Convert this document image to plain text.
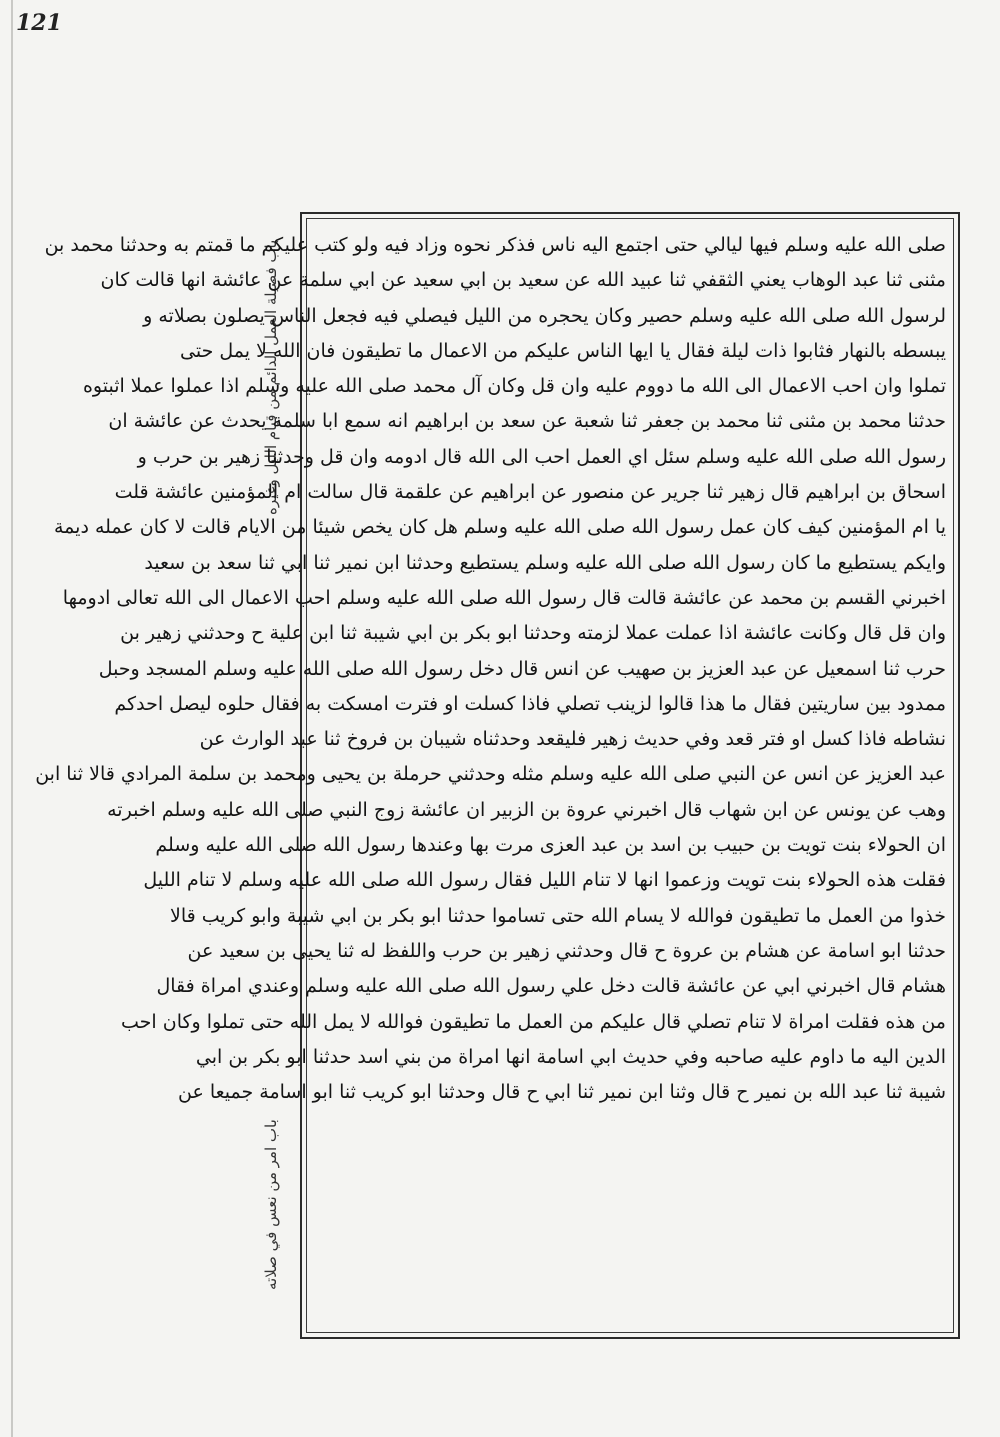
121
باب فضيلة العمل الدائم من قيام الليل وغيره
باب امر من نعس في صلاته
صلى الله عليه وسلم فيها ليالي حتى اجتمع اليه ناس فذكر نحوه وزاد فيه ولو كتب عليكم ما قمتم به وحدثنا محمد بن
مثنى ثنا عبد الوهاب يعني الثقفي ثنا عبيد الله عن سعيد بن ابي سعيد عن ابي سلمة عن عائشة انها قالت كان
لرسول الله صلى الله عليه وسلم حصير وكان يحجره من الليل فيصلي فيه فجعل الناس يصلون بصلاته و
يبسطه بالنهار فثابوا ذات ليلة فقال يا ايها الناس عليكم من الاعمال ما تطيقون فان الله لا يمل حتى
تملوا وان احب الاعمال الى الله ما دووم عليه وان قل وكان آل محمد صلى الله عليه وسلم اذا عملوا عملا اثبتوه
حدثنا محمد بن مثنى ثنا محمد بن جعفر ثنا شعبة عن سعد بن ابراهيم انه سمع ابا سلمة يحدث عن عائشة ان
رسول الله صلى الله عليه وسلم سئل اي العمل احب الى الله قال ادومه وان قل وحدثنا زهير بن حرب و
اسحاق بن ابراهيم قال زهير ثنا جرير عن منصور عن ابراهيم عن علقمة قال سالت ام المؤمنين عائشة قلت
يا ام المؤمنين كيف كان عمل رسول الله صلى الله عليه وسلم هل كان يخص شيئا من الايام قالت لا كان عمله ديمة
وايكم يستطيع ما كان رسول الله صلى الله عليه وسلم يستطيع وحدثنا ابن نمير ثنا ابي ثنا سعد بن سعيد
اخبرني القسم بن محمد عن عائشة قالت قال رسول الله صلى الله عليه وسلم احب الاعمال الى الله تعالى ادومها
وان قل قال وكانت عائشة اذا عملت عملا لزمته وحدثنا ابو بكر بن ابي شيبة ثنا ابن علية ح وحدثني زهير بن
حرب ثنا اسمعيل عن عبد العزيز بن صهيب عن انس قال دخل رسول الله صلى الله عليه وسلم المسجد وحبل
ممدود بين ساريتين فقال ما هذا قالوا لزينب تصلي فاذا كسلت او فترت امسكت به فقال حلوه ليصل احدكم
نشاطه فاذا كسل او فتر قعد وفي حديث زهير فليقعد وحدثناه شيبان بن فروخ ثنا عبد الوارث عن
عبد العزيز عن انس عن النبي صلى الله عليه وسلم مثله وحدثني حرملة بن يحيى ومحمد بن سلمة المرادي قالا ثنا ابن
وهب عن يونس عن ابن شهاب قال اخبرني عروة بن الزبير ان عائشة زوج النبي صلى الله عليه وسلم اخبرته
ان الحولاء بنت تويت بن حبيب بن اسد بن عبد العزى مرت بها وعندها رسول الله صلى الله عليه وسلم
فقلت هذه الحولاء بنت تويت وزعموا انها لا تنام الليل فقال رسول الله صلى الله عليه وسلم لا تنام الليل
خذوا من العمل ما تطيقون فوالله لا يسام الله حتى تساموا حدثنا ابو بكر بن ابي شيبة وابو كريب قالا
حدثنا ابو اسامة عن هشام بن عروة ح قال وحدثني زهير بن حرب واللفظ له ثنا يحيى بن سعيد عن
هشام قال اخبرني ابي عن عائشة قالت دخل علي رسول الله صلى الله عليه وسلم وعندي امراة فقال
من هذه فقلت امراة لا تنام تصلي قال عليكم من العمل ما تطيقون فوالله لا يمل الله حتى تملوا وكان احب
الدين اليه ما داوم عليه صاحبه وفي حديث ابي اسامة انها امراة من بني اسد حدثنا ابو بكر بن ابي
شيبة ثنا عبد الله بن نمير ح قال وثنا ابن نمير ثنا ابي ح قال وحدثنا ابو كريب ثنا ابو اسامة جميعا عن
